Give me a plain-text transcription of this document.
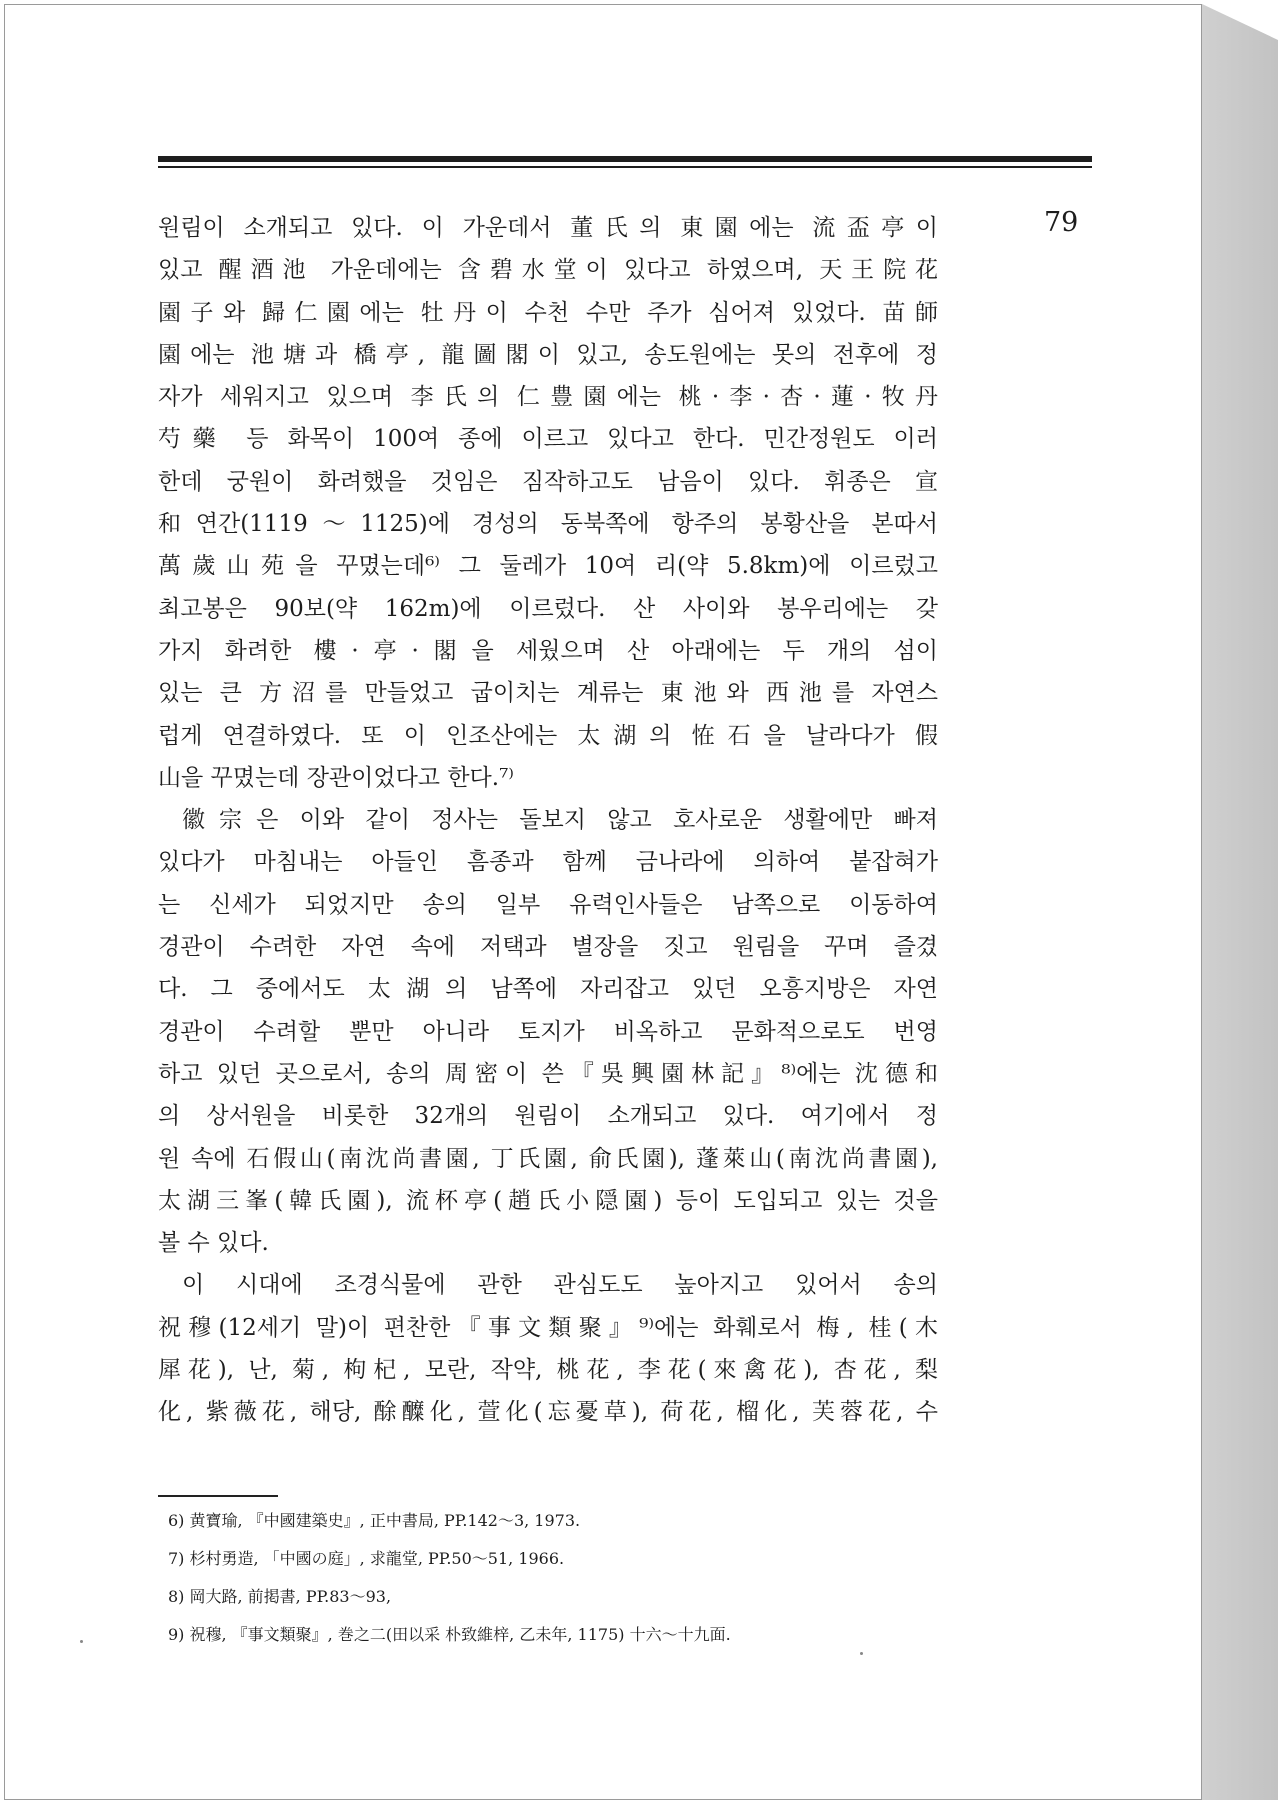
79
원림이 소개되고 있다. 이 가운데서 董氏의 東園에는 流盃亭이
있고 醒酒池 가운데에는 含碧水堂이 있다고 하였으며, 天王院花
園子와 歸仁園에는 牡丹이 수천 수만 주가 심어져 있었다. 苗師
園에는 池塘과 橋亭, 龍圖閣이 있고, 송도원에는 못의 전후에 정
자가 세워지고 있으며 李氏의 仁豊園에는 桃·李·杏·蓮·牧丹
芍藥 등 화목이 100여 종에 이르고 있다고 한다. 민간정원도 이러
한데 궁원이 화려했을 것임은 짐작하고도 남음이 있다. 휘종은 宣
和연간(1119～1125)에 경성의 동북쪽에 항주의 봉황산을 본따서
萬歲山苑을 꾸몄는데⁶⁾ 그 둘레가 10여 리(약 5.8km)에 이르렀고
최고봉은 90보(약 162m)에 이르렀다. 산 사이와 봉우리에는 갖
가지 화려한 樓·亭·閣을 세웠으며 산 아래에는 두 개의 섬이
있는 큰 方沼를 만들었고 굽이치는 계류는 東池와 西池를 자연스
럽게 연결하였다. 또 이 인조산에는 太湖의 恠石을 날라다가 假
山을 꾸몄는데 장관이었다고 한다.⁷⁾
徽宗은 이와 같이 정사는 돌보지 않고 호사로운 생활에만 빠져
있다가 마침내는 아들인 흠종과 함께 금나라에 의하여 붙잡혀가
는 신세가 되었지만 송의 일부 유력인사들은 남쪽으로 이동하여
경관이 수려한 자연 속에 저택과 별장을 짓고 원림을 꾸며 즐겼
다. 그 중에서도 太湖의 남쪽에 자리잡고 있던 오흥지방은 자연
경관이 수려할 뿐만 아니라 토지가 비옥하고 문화적으로도 번영
하고 있던 곳으로서, 송의 周密이 쓴『吳興園林記』⁸⁾에는 沈德和
의 상서원을 비롯한 32개의 원림이 소개되고 있다. 여기에서 정
원 속에 石假山(南沈尚書園, 丁氏園, 俞氏園), 蓬萊山(南沈尚書園),
太湖三峯(韓氏園), 流杯亭(趙氏小隠園) 등이 도입되고 있는 것을
볼 수 있다.
이 시대에 조경식물에 관한 관심도도 높아지고 있어서 송의
祝穆(12세기 말)이 편찬한『事文類聚』⁹⁾에는 화훼로서 梅, 桂(木
犀花), 난, 菊, 枸杞, 모란, 작약, 桃花, 李花(來禽花), 杏花, 梨
化, 紫薇花, 해당, 酴醾化, 萱化(忘憂草), 荷花, 榴化, 芙蓉花, 수
6) 黄寶瑜, 『中國建築史』, 正中書局, PP.142～3, 1973.
7) 杉村勇造, 「中國の庭」, 求龍堂, PP.50～51, 1966.
8) 岡大路, 前掲書, PP.83～93,
9) 祝穆, 『事文類聚』, 巻之二(田以采 朴致維梓, 乙未年, 1175) 十六～十九面.
